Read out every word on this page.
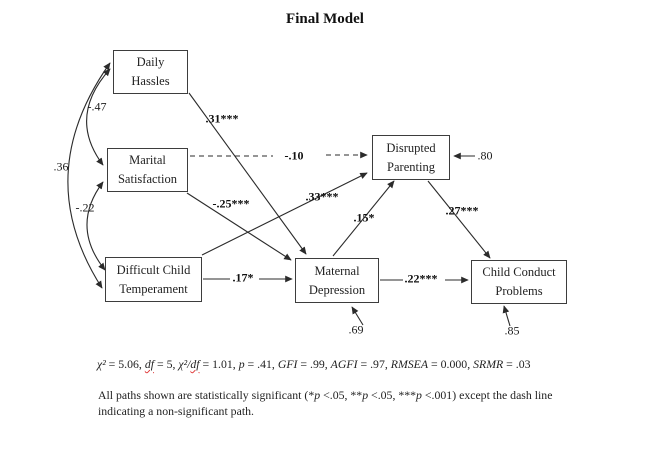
Final Model
Daily Hassles
Marital Satisfaction
Difficult Child Temperament
Maternal Depression
Disrupted Parenting
Child Conduct Problems
.31***
-.10
-.25***	.33***
.15*	.27***
.17*	.22***
.36
-.47
-.22
.80
.69	.85
χ² = 5.06, df = 5, χ²/df = 1.01, p = .41, GFI = .99, AGFI = .97, RMSEA = 0.000, SRMR = .03
All paths shown are statistically significant (*p <.05, **p <.05, ***p <.001) except the dash line
indicating a non-significant path.
